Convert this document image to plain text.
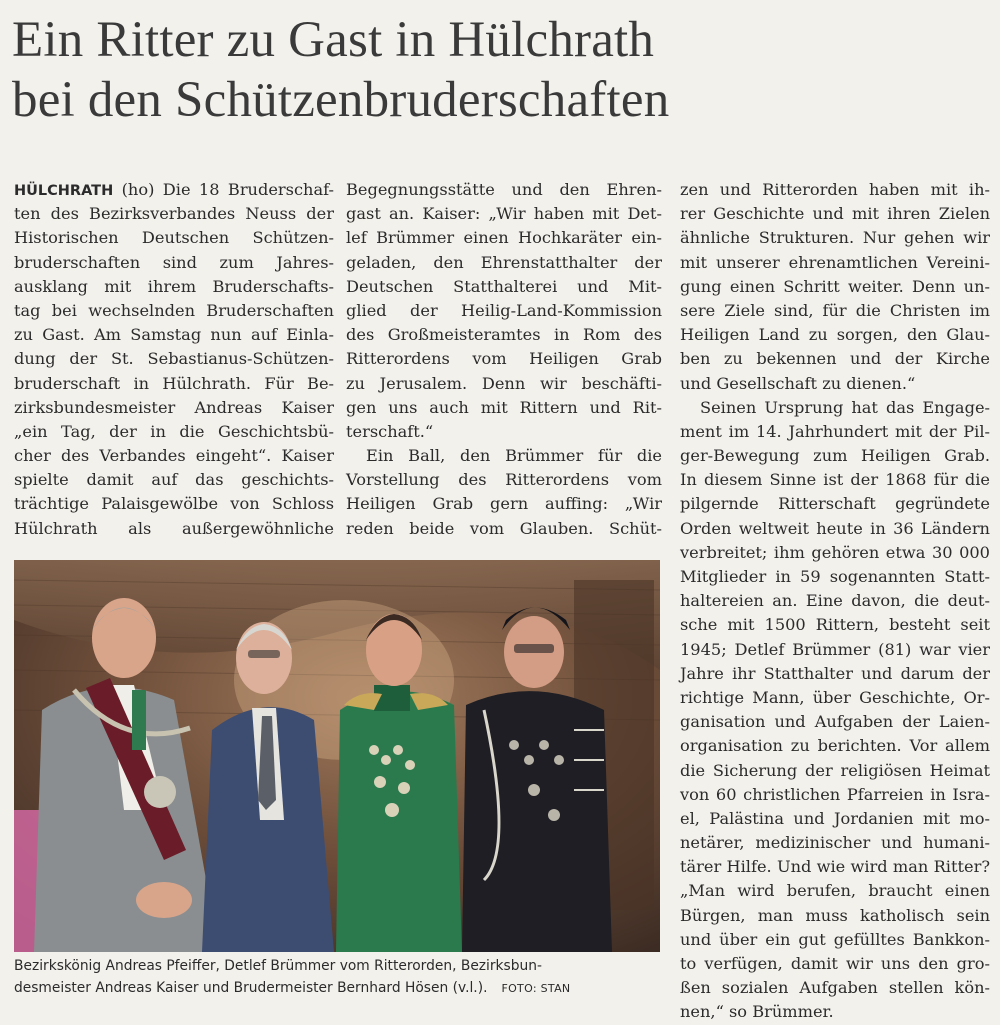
Ein Ritter zu Gast in Hülchrath
bei den Schützenbruderschaften
HÜLCHRATH (ho) Die 18 Bruderschaf-
ten des Bezirksverbandes Neuss der
Historischen Deutschen Schützen-
bruderschaften sind zum Jahres-
ausklang mit ihrem Bruderschafts-
tag bei wechselnden Bruderschaften
zu Gast. Am Samstag nun auf Einla-
dung der St. Sebastianus-Schützen-
bruderschaft in Hülchrath. Für Be-
zirksbundesmeister Andreas Kaiser
„ein Tag, der in die Geschichtsbü-
cher des Verbandes eingeht“. Kaiser
spielte damit auf das geschichts-
trächtige Palaisgewölbe von Schloss
Hülchrath als außergewöhnliche
Begegnungsstätte und den Ehren-
gast an. Kaiser: „Wir haben mit Det-
lef Brümmer einen Hochkaräter ein-
geladen, den Ehrenstatthalter der
Deutschen Statthalterei und Mit-
glied der Heilig-Land-Kommission
des Großmeisteramtes in Rom des
Ritterordens vom Heiligen Grab
zu Jerusalem. Denn wir beschäfti-
gen uns auch mit Rittern und Rit-
terschaft.“
Ein Ball, den Brümmer für die
Vorstellung des Ritterordens vom
Heiligen Grab gern auffing: „Wir
reden beide vom Glauben. Schüt-
zen und Ritterorden haben mit ih-
rer Geschichte und mit ihren Zielen
ähnliche Strukturen. Nur gehen wir
mit unserer ehrenamtlichen Vereini-
gung einen Schritt weiter. Denn un-
sere Ziele sind, für die Christen im
Heiligen Land zu sorgen, den Glau-
ben zu bekennen und der Kirche
und Gesellschaft zu dienen.“
Seinen Ursprung hat das Engage-
ment im 14. Jahrhundert mit der Pil-
ger-Bewegung zum Heiligen Grab.
In diesem Sinne ist der 1868 für die
pilgernde Ritterschaft gegründete
Orden weltweit heute in 36 Ländern
verbreitet; ihm gehören etwa 30 000
Mitglieder in 59 sogenannten Statt-
haltereien an. Eine davon, die deut-
sche mit 1500 Rittern, besteht seit
1945; Detlef Brümmer (81) war vier
Jahre ihr Statthalter und darum der
richtige Mann, über Geschichte, Or-
ganisation und Aufgaben der Laien-
organisation zu berichten. Vor allem
die Sicherung der religiösen Heimat
von 60 christlichen Pfarreien in Isra-
el, Palästina und Jordanien mit mo-
netärer, medizinischer und humani-
tärer Hilfe. Und wie wird man Ritter?
„Man wird berufen, braucht einen
Bürgen, man muss katholisch sein
und über ein gut gefülltes Bankkon-
to verfügen, damit wir uns den gro-
ßen sozialen Aufgaben stellen kön-
nen,“ so Brümmer.
Bezirkskönig Andreas Pfeiffer, Detlef Brümmer vom Ritterorden, Bezirksbun-
desmeister Andreas Kaiser und Brudermeister Bernhard Hösen (v.l.). FOTO: STAN
